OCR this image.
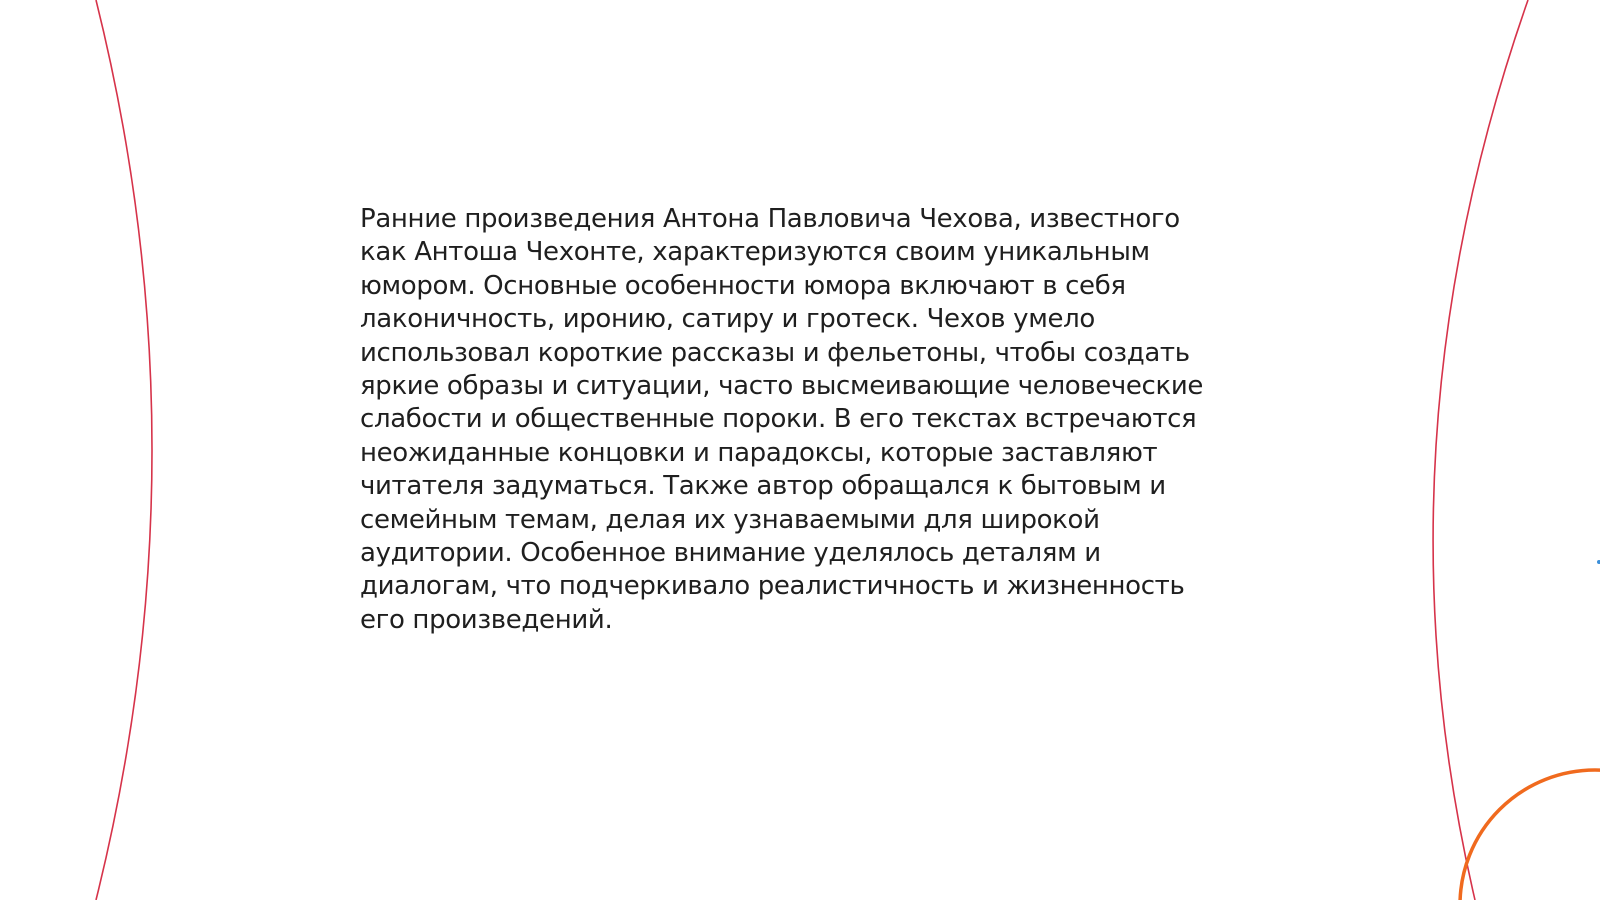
Ранние произведения Антона Павловича Чехова, известного
как Антоша Чехонте, характеризуются своим уникальным
юмором. Основные особенности юмора включают в себя
лаконичность, иронию, сатиру и гротеск. Чехов умело
использовал короткие рассказы и фельетоны, чтобы создать
яркие образы и ситуации, часто высмеивающие человеческие
слабости и общественные пороки. В его текстах встречаются
неожиданные концовки и парадоксы, которые заставляют
читателя задуматься. Также автор обращался к бытовым и
семейным темам, делая их узнаваемыми для широкой
аудитории. Особенное внимание уделялось деталям и
диалогам, что подчеркивало реалистичность и жизненность
его произведений.
